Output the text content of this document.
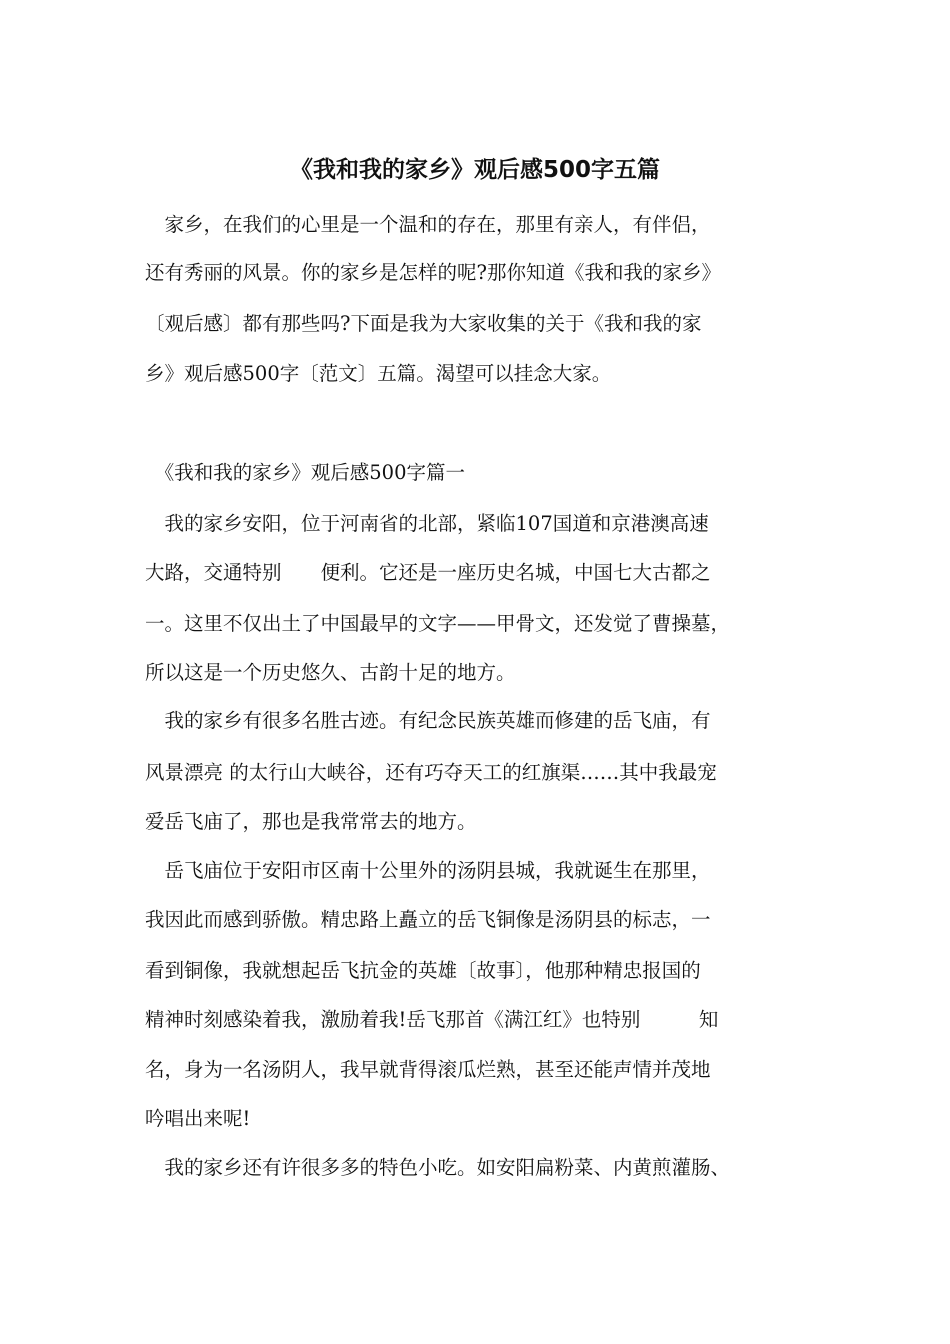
《我和我的家乡》观后感500字五篇

　家乡，在我们的心里是一个温和的存在，那里有亲人，有伴侣，

还有秀丽的风景。你的家乡是怎样的呢?那你知道《我和我的家乡》

〔观后感〕都有那些吗?下面是我为大家收集的关于《我和我的家

乡》观后感500字〔范文〕五篇。渴望可以挂念大家。

　《我和我的家乡》观后感500字篇一

　我的家乡安阳，位于河南省的北部，紧临107国道和京港澳高速

大路，交通特别　　便利。它还是一座历史名城，中国七大古都之

一。这里不仅出土了中国最早的文字——甲骨文，还发觉了曹操墓，

所以这是一个历史悠久、古韵十足的地方。

　我的家乡有很多名胜古迹。有纪念民族英雄而修建的岳飞庙，有

风景漂亮 的太行山大峡谷，还有巧夺天工的红旗渠……其中我最宠

爱岳飞庙了，那也是我常常去的地方。

　岳飞庙位于安阳市区南十公里外的汤阴县城，我就诞生在那里，

我因此而感到骄傲。精忠路上矗立的岳飞铜像是汤阴县的标志，一

看到铜像，我就想起岳飞抗金的英雄〔故事〕，他那种精忠报国的

精神时刻感染着我，激励着我!岳飞那首《满江红》也特别　　　知

名，身为一名汤阴人，我早就背得滚瓜烂熟，甚至还能声情并茂地

吟唱出来呢!

　我的家乡还有许很多多的特色小吃。如安阳扁粉菜、内黄煎灌肠、
